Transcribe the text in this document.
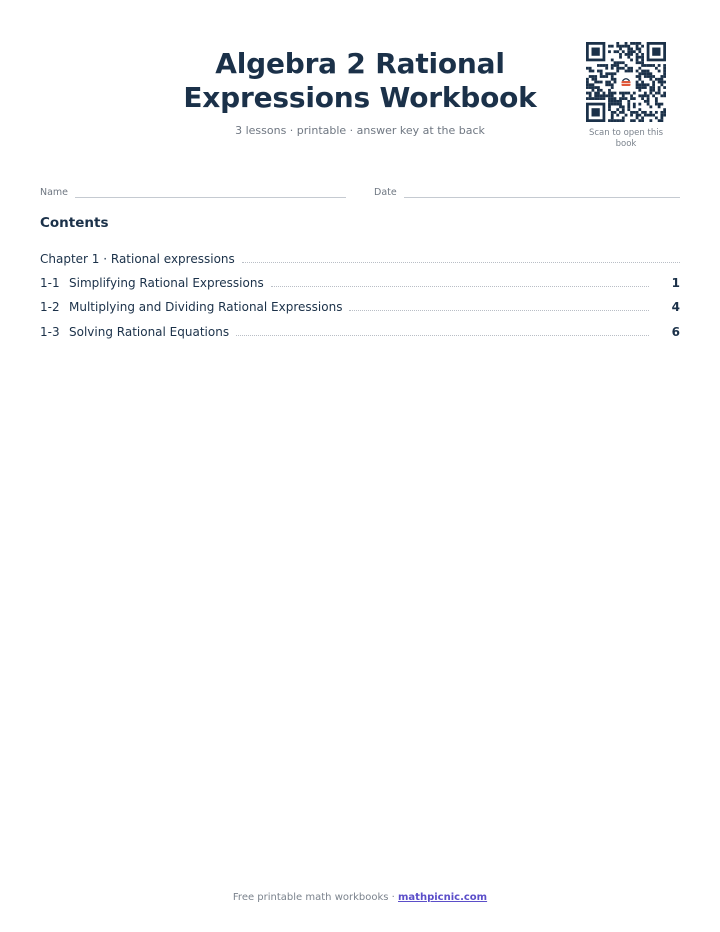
Algebra 2 Rational
Expressions Workbook
3 lessons · printable · answer key at the back	Scan to open this book
Name	Date
Contents
Chapter 1 · Rational expressions
1-1 Simplifying Rational Expressions	1
1-2 Multiplying and Dividing Rational Expressions	4
1-3 Solving Rational Equations	6
Free printable math workbooks · mathpicnic.com
